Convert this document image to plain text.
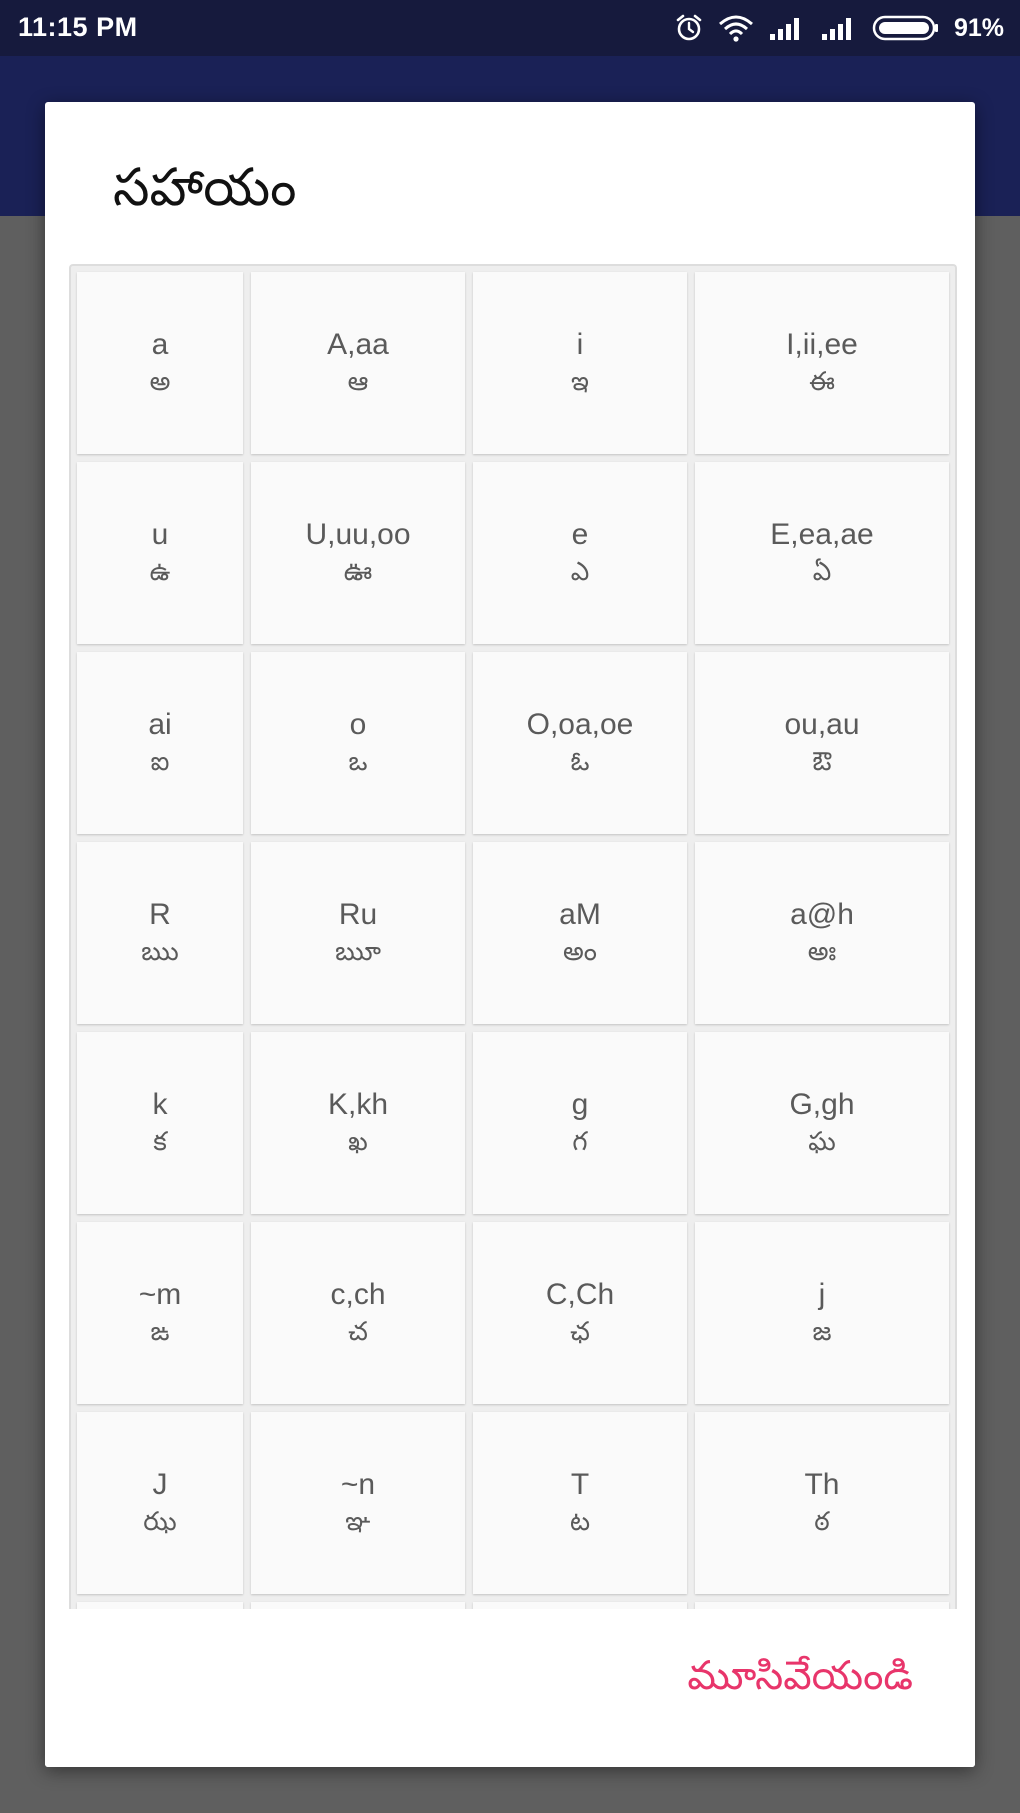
11:15 PM	91%
సహాయం
a
అ
A,aa
ఆ
i
ఇ
I,ii,ee
ఈ
u
ఉ
U,uu,oo
ఊ
e
ఎ
E,ea,ae
ఏ
ai
ఐ
o
ఒ
O,oa,oe
ఓ
ou,au
ఔ
R
ఋ
Ru
ౠ
aM
అం
a@h
అః
k
క
K,kh
ఖ
g
గ
G,gh
ఘ
~m
ఙ
c,ch
చ
C,Ch
ఛ
j
జ
J
ఝ
~n
ఞ
T
ట
Th
ఠ
మూసివేయండి
